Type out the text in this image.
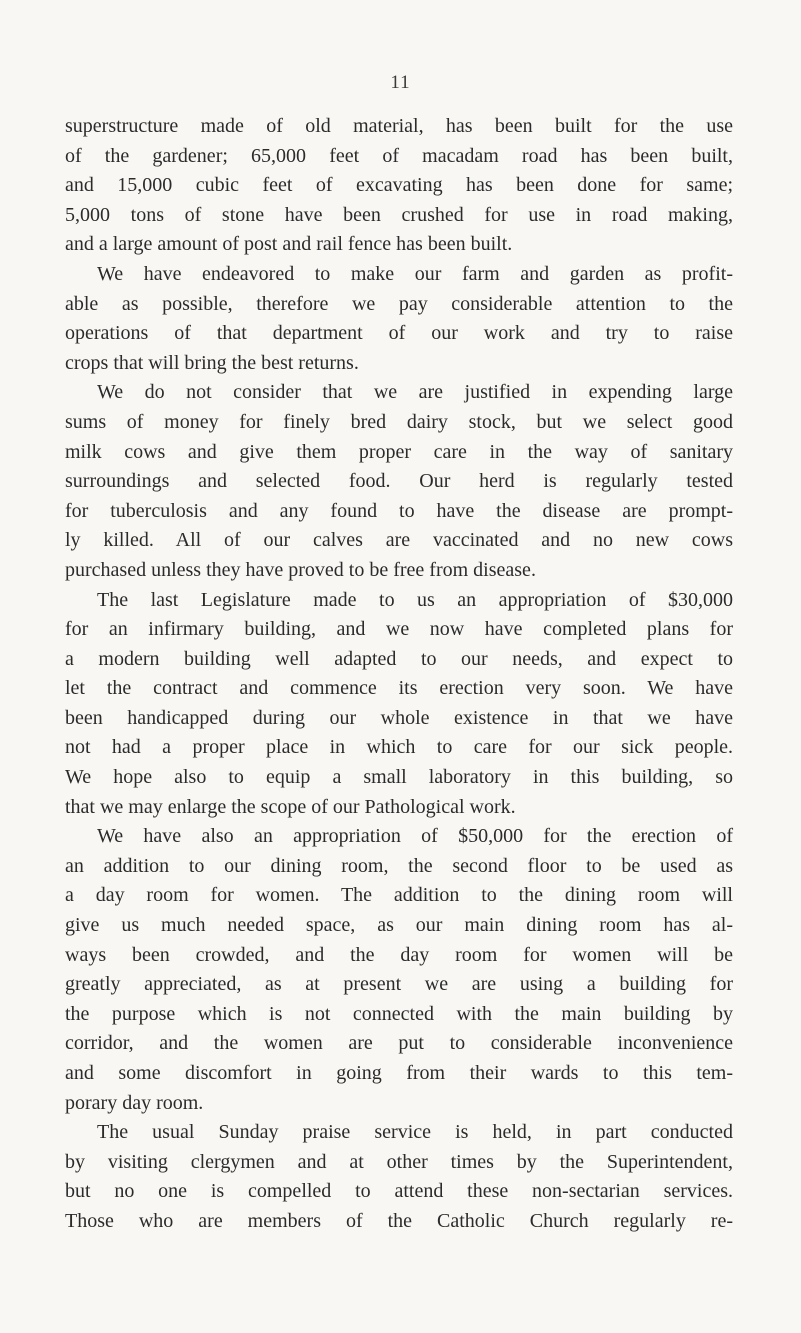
11
superstructure made of old material, has been built for the use
of the gardener; 65,000 feet of macadam road has been built,
and 15,000 cubic feet of excavating has been done for same;
5,000 tons of stone have been crushed for use in road making,
and a large amount of post and rail fence has been built.
We have endeavored to make our farm and garden as profit-
able as possible, therefore we pay considerable attention to the
operations of that department of our work and try to raise
crops that will bring the best returns.
We do not consider that we are justified in expending large
sums of money for finely bred dairy stock, but we select good
milk cows and give them proper care in the way of sanitary
surroundings and selected food. Our herd is regularly tested
for tuberculosis and any found to have the disease are prompt-
ly killed. All of our calves are vaccinated and no new cows
purchased unless they have proved to be free from disease.
The last Legislature made to us an appropriation of $30,000
for an infirmary building, and we now have completed plans for
a modern building well adapted to our needs, and expect to
let the contract and commence its erection very soon. We have
been handicapped during our whole existence in that we have
not had a proper place in which to care for our sick people.
We hope also to equip a small laboratory in this building, so
that we may enlarge the scope of our Pathological work.
We have also an appropriation of $50,000 for the erection of
an addition to our dining room, the second floor to be used as
a day room for women. The addition to the dining room will
give us much needed space, as our main dining room has al-
ways been crowded, and the day room for women will be
greatly appreciated, as at present we are using a building for
the purpose which is not connected with the main building by
corridor, and the women are put to considerable inconvenience
and some discomfort in going from their wards to this tem-
porary day room.
The usual Sunday praise service is held, in part conducted
by visiting clergymen and at other times by the Superintendent,
but no one is compelled to attend these non-sectarian services.
Those who are members of the Catholic Church regularly re-
